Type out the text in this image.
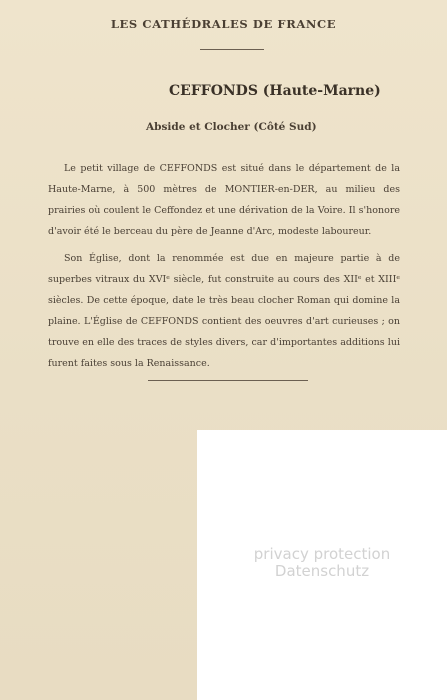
LES CATHÉDRALES DE FRANCE
CEFFONDS (Haute-Marne)
Abside et Clocher (Côté Sud)
Le petit village de CEFFONDS est situé dans le département de la Haute-Marne, à 500 mètres de MONTIER-en-DER, au milieu des prairies où coulent le Ceffondez et une dérivation de la Voire. Il s'honore d'avoir été le berceau du père de Jeanne d'Arc, modeste laboureur.
Son Église, dont la renommée est due en majeure partie à de superbes vitraux du XVIᵉ siècle, fut construite au cours des XIIᵉ et XIIIᵉ siècles. De cette époque, date le très beau clocher Roman qui domine la plaine. L'Église de CEFFONDS contient des oeuvres d'art curieuses ; on trouve en elle des traces de styles divers, car d'importantes additions lui furent faites sous la Renaissance.
privacy protection
Datenschutz
